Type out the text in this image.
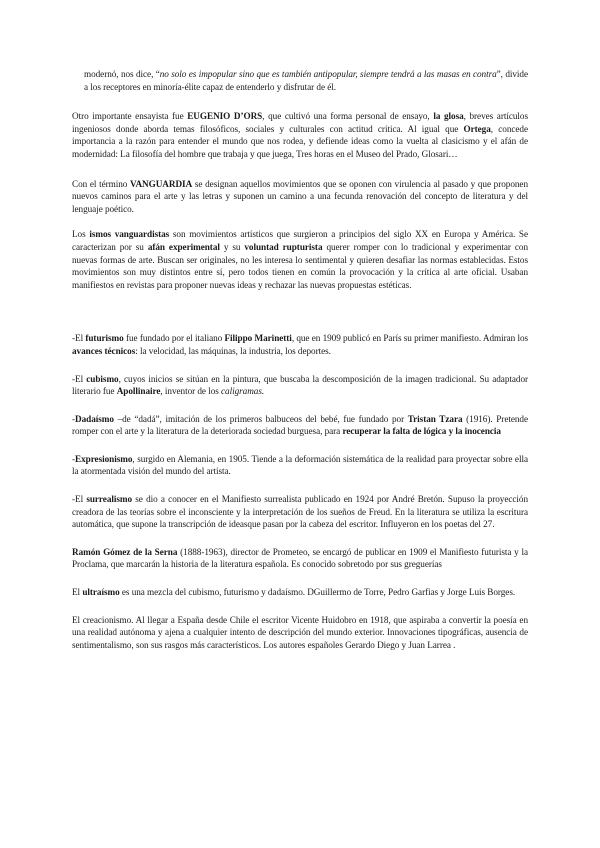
modernó, nos dice, “no solo es impopular sino que es también antipopular, siempre tendrá a las masas en contra”, divide a los receptores en minoría-élite capaz de entenderlo y disfrutar de él.

Otro importante ensayista fue EUGENIO D’ORS, que cultivó una forma personal de ensayo, la glosa, breves artículos ingeniosos donde aborda temas filosóficos, sociales y culturales con actitud crítica. Al igual que Ortega, concede importancia a la razón para entender el mundo que nos rodea, y defiende ideas como la vuelta al clasicismo y el afán de modernidad: La filosofía del hombre que trabaja y que juega, Tres horas en el Museo del Prado, Glosari…

Con el término VANGUARDIA se designan aquellos movimientos que se oponen con virulencia al pasado y que proponen nuevos caminos para el arte y las letras y suponen un camino a una fecunda renovación del concepto de literatura y del lenguaje poético.

Los ismos vanguardistas son movimientos artísticos que surgieron a principios del siglo XX en Europa y América. Se caracterizan por su afán experimental y su voluntad rupturista querer romper con lo tradicional y experimentar con nuevas formas de arte. Buscan ser originales, no les interesa lo sentimental y quieren desafiar las normas establecidas. Estos movimientos son muy distintos entre sí, pero todos tienen en común la provocación y la crítica al arte oficial. Usaban manifiestos en revistas para proponer nuevas ideas y rechazar las nuevas propuestas estéticas.

-El futurismo fue fundado por el italiano Filippo Marinetti, que en 1909 publicó en París su primer manifiesto. Admiran los avances técnicos: la velocidad, las máquinas, la industria, los deportes.

-El cubismo, cuyos inicios se sitúan en la pintura, que buscaba la descomposición de la imagen tradicional. Su adaptador literario fue Apollinaire, inventor de los caligramas.

-Dadaísmo –de “dadá”, imitación de los primeros balbuceos del bebé, fue fundado por Tristan Tzara (1916). Pretende romper con el arte y la literatura de la deteriorada sociedad burguesa, para recuperar la falta de lógica y la inocencia

-Expresionismo, surgido en Alemania, en 1905. Tiende a la deformación sistemática de la realidad para proyectar sobre ella la atormentada visión del mundo del artista.

-El surrealismo se dio a conocer en el Manifiesto surrealista publicado en 1924 por André Bretón. Supuso la proyección creadora de las teorías sobre el inconsciente y la interpretación de los sueños de Freud. En la literatura se utiliza la escritura automática, que supone la transcripción de ideasque pasan por la cabeza del escritor. Influyeron en los poetas del 27.

Ramón Gómez de la Serna (1888-1963), director de Prometeo, se encargó de publicar en 1909 el Manifiesto futurista y la Proclama, que marcarán la historia de la literatura española. Es conocido sobretodo por sus greguerías

El ultraísmo es una mezcla del cubismo, futurismo y dadaísmo. DGuillermo de Torre, Pedro Garfias y Jorge Luis Borges.

El creacionismo. Al llegar a España desde Chile el escritor Vicente Huidobro en 1918, que aspiraba a convertir la poesía en una realidad autónoma y ajena a cualquier intento de descripción del mundo exterior. Innovaciones tipográficas, ausencia de sentimentalismo, son sus rasgos más característicos. Los autores españoles Gerardo Diego y Juan Larrea .
